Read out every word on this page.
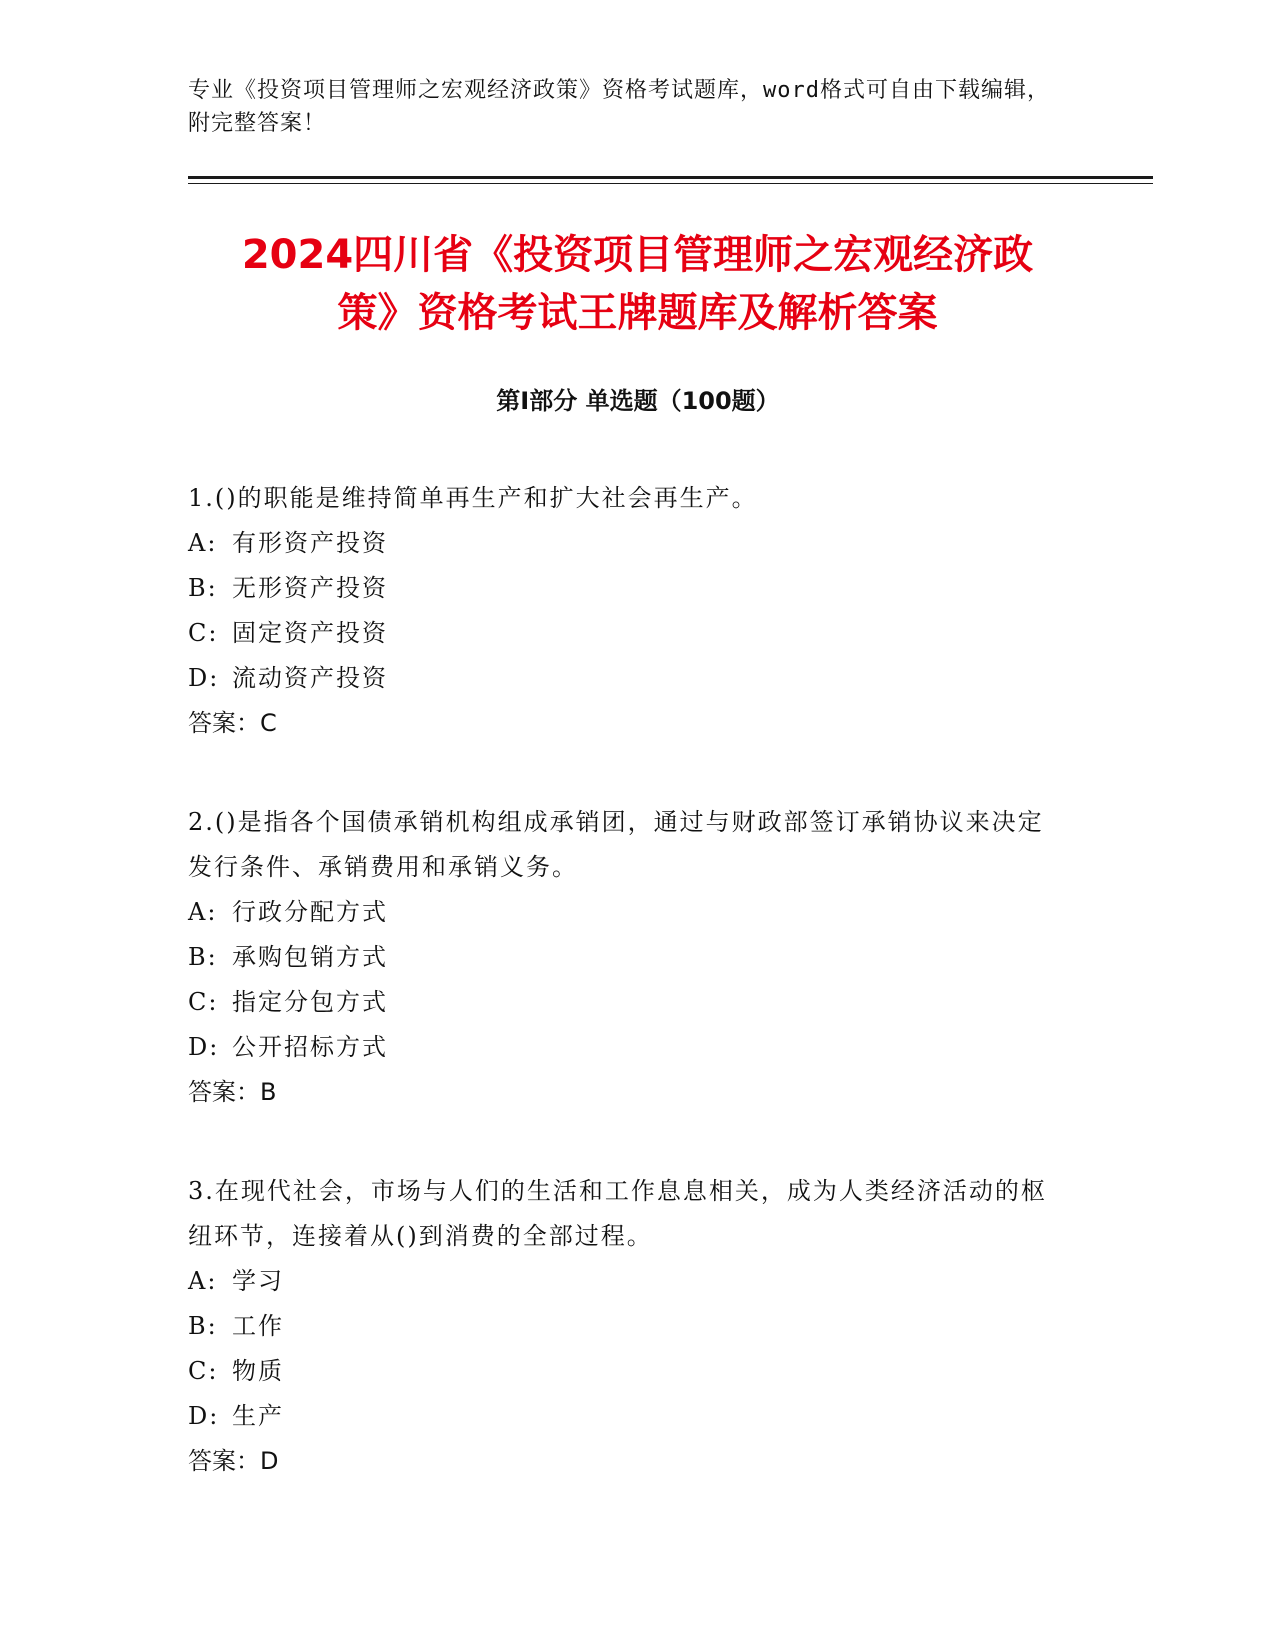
专业《投资项目管理师之宏观经济政策》资格考试题库，word格式可自由下载编辑，附完整答案！
2024四川省《投资项目管理师之宏观经济政
策》资格考试王牌题库及解析答案
第Ⅰ部分 单选题（100题）
1.()的职能是维持简单再生产和扩大社会再生产。
A: 有形资产投资
B: 无形资产投资
C: 固定资产投资
D: 流动资产投资
答案：C
2.()是指各个国债承销机构组成承销团，通过与财政部签订承销协议来决定发行条件、承销费用和承销义务。
A: 行政分配方式
B: 承购包销方式
C: 指定分包方式
D: 公开招标方式
答案：B
3.在现代社会，市场与人们的生活和工作息息相关，成为人类经济活动的枢纽环节，连接着从()到消费的全部过程。
A: 学习
B: 工作
C: 物质
D: 生产
答案：D
